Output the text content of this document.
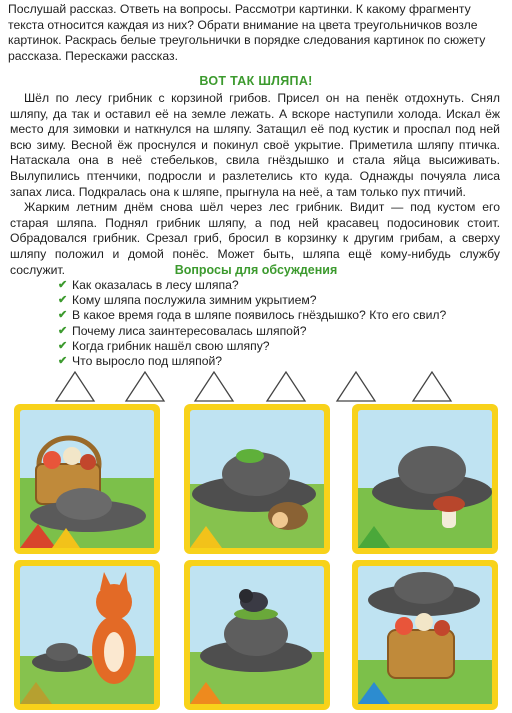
Послушай рассказ. Ответь на вопросы. Рассмотри картинки. К какому фрагменту текста относится каждая из них? Обрати внимание на цвета треугольничков возле картинок. Раскрась белые треугольнички в порядке следования картинок по сюжету рассказа. Перескажи рассказ.

ВОТ ТАК ШЛЯПА!

Шёл по лесу грибник с корзиной грибов. Присел он на пенёк отдохнуть. Снял шляпу, да так и оставил её на земле лежать. А вскоре наступили холода. Искал ёж место для зимовки и наткнулся на шляпу. Затащил её под кустик и проспал под ней всю зиму. Весной ёж проснулся и покинул своё укрытие. Приметила шляпу птичка. Натаскала она в неё стебельков, свила гнёздышко и стала яйца высиживать. Вылупились птенчики, подросли и разлетелись кто куда. Однажды почуяла лиса запах лиса. Подкралась она к шляпе, прыгнула на неё, а там только пух птичий.

Жарким летним днём снова шёл через лес грибник. Видит — под кустом его старая шляпа. Поднял грибник шляпу, а под ней красавец подосиновик стоит. Обрадовался грибник. Срезал гриб, бросил в корзинку к другим грибам, а сверху шляпу положил и домой понёс. Может быть, шляпа ещё кому-нибудь службу сослужит.	Вопросы для обсуждения
✔ Как оказалась в лесу шляпа?
✔ Кому шляпа послужила зимним укрытием?
✔ В какое время года в шляпе появилось гнёздышко? Кто его свил?
✔ Почему лиса заинтересовалась шляпой?
✔ Когда грибник нашёл свою шляпу?
✔ Что выросло под шляпой?
